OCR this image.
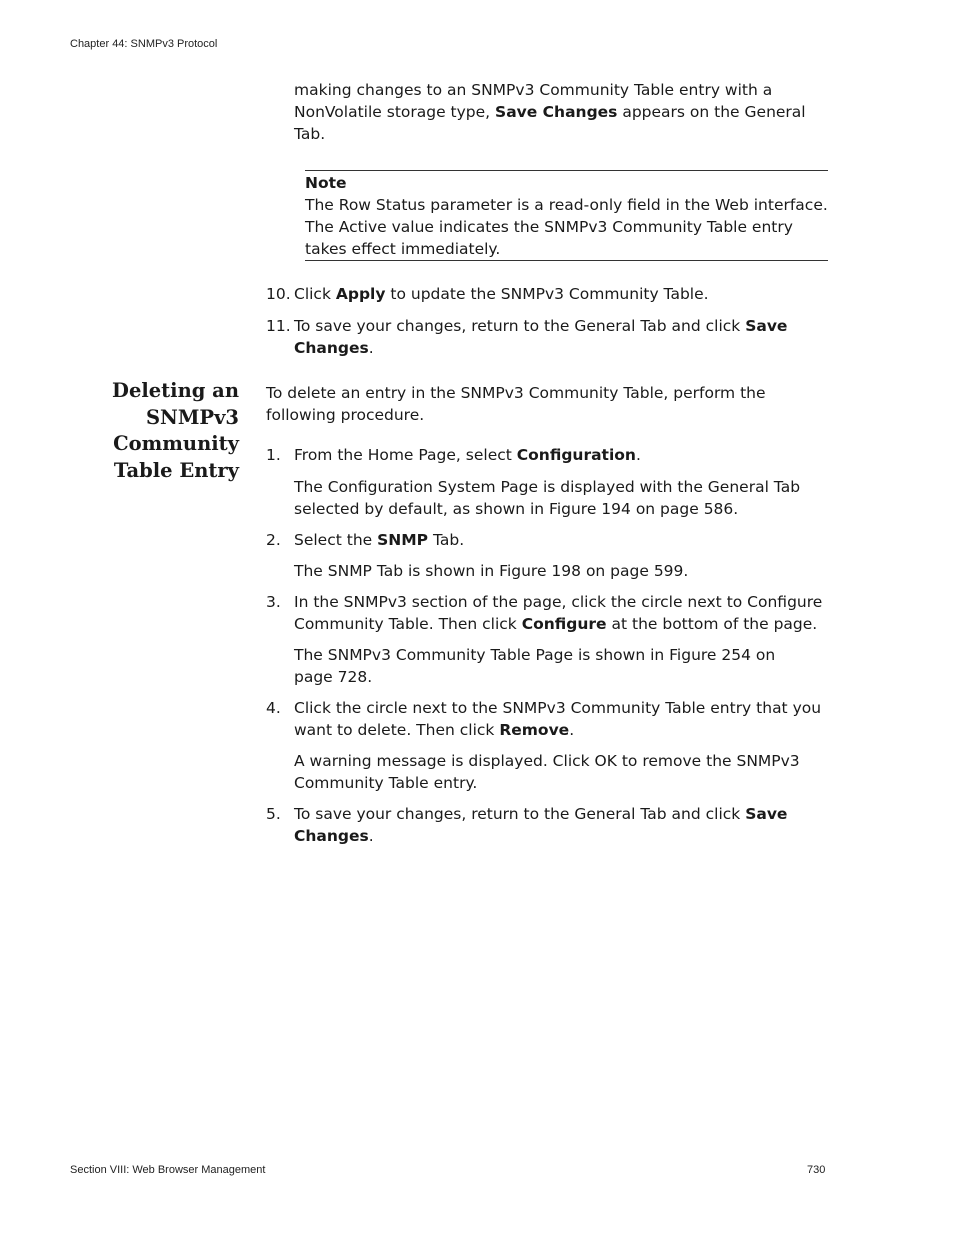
Chapter 44: SNMPv3 Protocol

making changes to an SNMPv3 Community Table entry with a NonVolatile storage type, Save Changes appears on the General Tab.

Note
The Row Status parameter is a read-only field in the Web interface. The Active value indicates the SNMPv3 Community Table entry takes effect immediately.

10. Click Apply to update the SNMPv3 Community Table.

11. To save your changes, return to the General Tab and click Save Changes.

Deleting an
SNMPv3
Community
Table Entry

To delete an entry in the SNMPv3 Community Table, perform the following procedure.

1. From the Home Page, select Configuration.

The Configuration System Page is displayed with the General Tab selected by default, as shown in Figure 194 on page 586.

2. Select the SNMP Tab.

The SNMP Tab is shown in Figure 198 on page 599.

3. In the SNMPv3 section of the page, click the circle next to Configure Community Table. Then click Configure at the bottom of the page.

The SNMPv3 Community Table Page is shown in Figure 254 on page 728.

4. Click the circle next to the SNMPv3 Community Table entry that you want to delete. Then click Remove.

A warning message is displayed. Click OK to remove the SNMPv3 Community Table entry.

5. To save your changes, return to the General Tab and click Save Changes.

Section VIII: Web Browser Management	730
